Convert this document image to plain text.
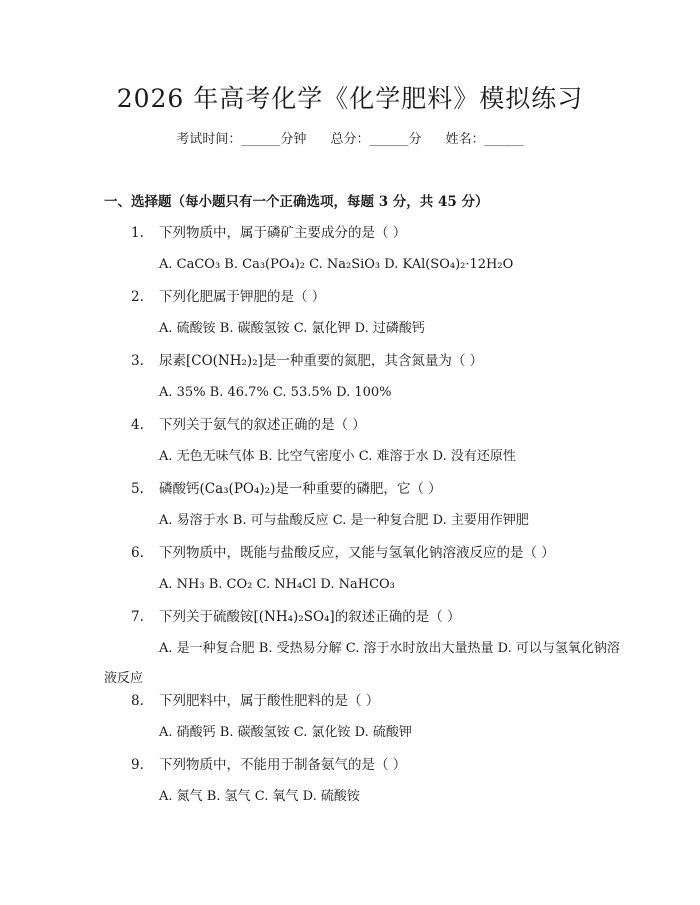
2026 年高考化学《化学肥料》模拟练习
考试时间：______分钟 总分：______分 姓名：______
一、选择题（每小题只有一个正确选项，每题 3 分，共 45 分）
1. 下列物质中，属于磷矿主要成分的是（ ）
A. CaCO₃ B. Ca₃(PO₄)₂ C. Na₂SiO₃ D. KAl(SO₄)₂·12H₂O
2. 下列化肥属于钾肥的是（ ）
A. 硫酸铵 B. 碳酸氢铵 C. 氯化钾 D. 过磷酸钙
3. 尿素[CO(NH₂)₂]是一种重要的氮肥，其含氮量为（ ）
A. 35% B. 46.7% C. 53.5% D. 100%
4. 下列关于氨气的叙述正确的是（ ）
A. 无色无味气体 B. 比空气密度小 C. 难溶于水 D. 没有还原性
5. 磷酸钙(Ca₃(PO₄)₂)是一种重要的磷肥，它（ ）
A. 易溶于水 B. 可与盐酸反应 C. 是一种复合肥 D. 主要用作钾肥
6. 下列物质中，既能与盐酸反应，又能与氢氧化钠溶液反应的是（ ）
A. NH₃ B. CO₂ C. NH₄Cl D. NaHCO₃
7. 下列关于硫酸铵[(NH₄)₂SO₄]的叙述正确的是（ ）
A. 是一种复合肥 B. 受热易分解 C. 溶于水时放出大量热量 D. 可以与氢氧化钠溶液反应
8. 下列肥料中，属于酸性肥料的是（ ）
A. 硝酸钙 B. 碳酸氢铵 C. 氯化铵 D. 硫酸钾
9. 下列物质中，不能用于制备氨气的是（ ）
A. 氮气 B. 氢气 C. 氧气 D. 硫酸铵
